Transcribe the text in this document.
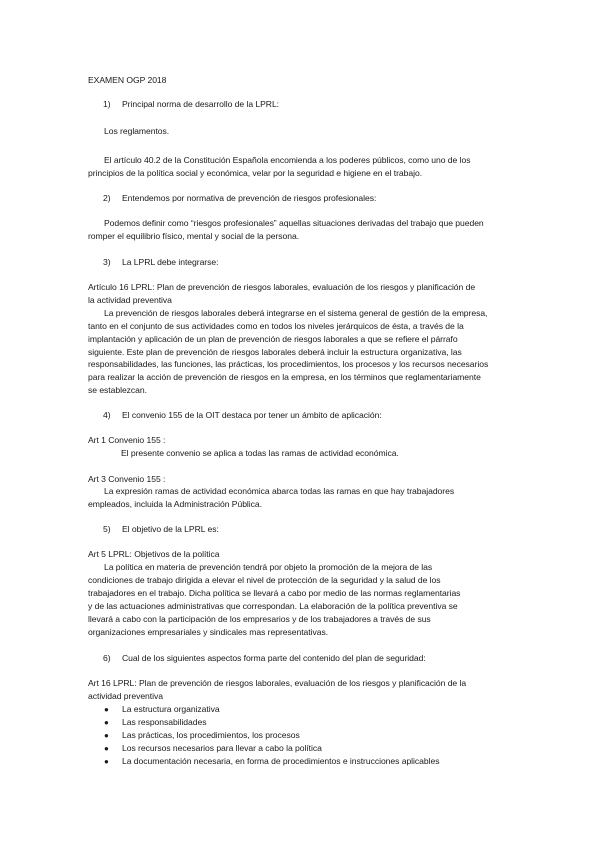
EXAMEN OGP 2018
1) Principal norma de desarrollo de la LPRL:
Los reglamentos.
El artículo 40.2 de la Constitución Española encomienda a los poderes públicos, como uno de los
principios de la política social y económica, velar por la seguridad e higiene en el trabajo.
2) Entendemos por normativa de prevención de riesgos profesionales:
Podemos definir como “riesgos profesionales” aquellas situaciones derivadas del trabajo que pueden
romper el equilibrio físico, mental y social de la persona.
3) La LPRL debe integrarse:
Artículo 16 LPRL: Plan de prevención de riesgos laborales, evaluación de los riesgos y planificación de
la actividad preventiva
La prevención de riesgos laborales deberá integrarse en el sistema general de gestión de la empresa,
tanto en el conjunto de sus actividades como en todos los niveles jerárquicos de ésta, a través de la
implantación y aplicación de un plan de prevención de riesgos laborales a que se refiere el párrafo
siguiente. Este plan de prevención de riesgos laborales deberá incluir la estructura organizativa, las
responsabilidades, las funciones, las prácticas, los procedimientos, los procesos y los recursos necesarios
para realizar la acción de prevención de riesgos en la empresa, en los términos que reglamentariamente
se establezcan.
4) El convenio 155 de la OIT destaca por tener un ámbito de aplicación:
Art 1 Convenio 155 :
El presente convenio se aplica a todas las ramas de actividad económica.
Art 3 Convenio 155 :
La expresión ramas de actividad económica abarca todas las ramas en que hay trabajadores
empleados, incluida la Administración Pública.
5) El objetivo de la LPRL es:
Art 5 LPRL: Objetivos de la política
La política en materia de prevención tendrá por objeto la promoción de la mejora de las
condiciones de trabajo dirigida a elevar el nivel de protección de la seguridad y la salud de los
trabajadores en el trabajo. Dicha política se llevará a cabo por medio de las normas reglamentarias
y de las actuaciones administrativas que correspondan. La elaboración de la política preventiva se
llevará a cabo con la participación de los empresarios y de los trabajadores a través de sus
organizaciones empresariales y sindicales mas representativas.
6) Cual de los siguientes aspectos forma parte del contenido del plan de seguridad:
Art 16 LPRL: Plan de prevención de riesgos laborales, evaluación de los riesgos y planificación de la
actividad preventiva
● La estructura organizativa
● Las responsabilidades
● Las prácticas, los procedimientos, los procesos
● Los recursos necesarios para llevar a cabo la política
● La documentación necesaria, en forma de procedimientos e instrucciones aplicables
